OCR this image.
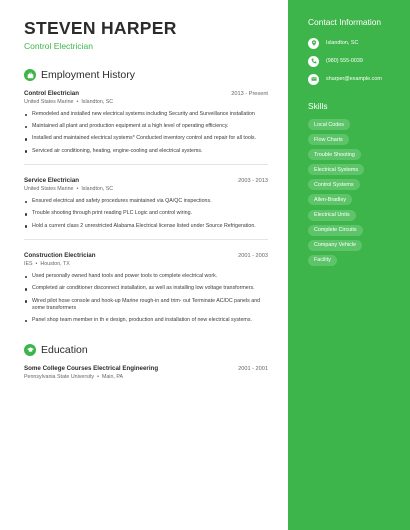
STEVEN HARPER
Control Electrician
Employment History
Control Electrician	2013 - Present
United States Marine • Islandton, SC
Remodeled and installed new electrical systems including Security and Surveillance installation
Maintained all plant and production equipment at a high level of operating efficiency.
Installed and maintained electrical systems* Conducted inventory control and repair for all tools.
Serviced air conditioning, heating, engine-cooling and electrical systems.
Service Electrician	2003 - 2013
United States Marine • Islandton, SC
Ensured electrical and safety procedures maintained via QA/QC inspections.
Trouble shooting through print reading PLC Logic and control wiring.
Hold a current class 2 unrestricted Alabama Electrical license listed under Source Refrigeration.
Construction Electrician	2001 - 2003
IES • Houston, TX
Used personally owned hand tools and power tools to complete electrical work.
Completed air conditioner disconnect installation, as well as installing low voltage transformers.
Wired pilot hose console and hook-up Marine rough-in and trim- out Terminate AC/DC panels and some transformers
Panel shop team member in th e design, production and installation of new electrical systems.
Education
Some College Courses Electrical Engineering	2001 - 2001
Pennsylvania State University • Main, PA
Contact Information
Islandton, SC
(980) 555-0039
sharper@example.com
Skills
Local Codes
Flow Charts
Trouble Shooting
Electrical Systems
Control Systems
Allen-Bradley
Electrical Units
Complete Circuits
Company Vehicle
Facility
